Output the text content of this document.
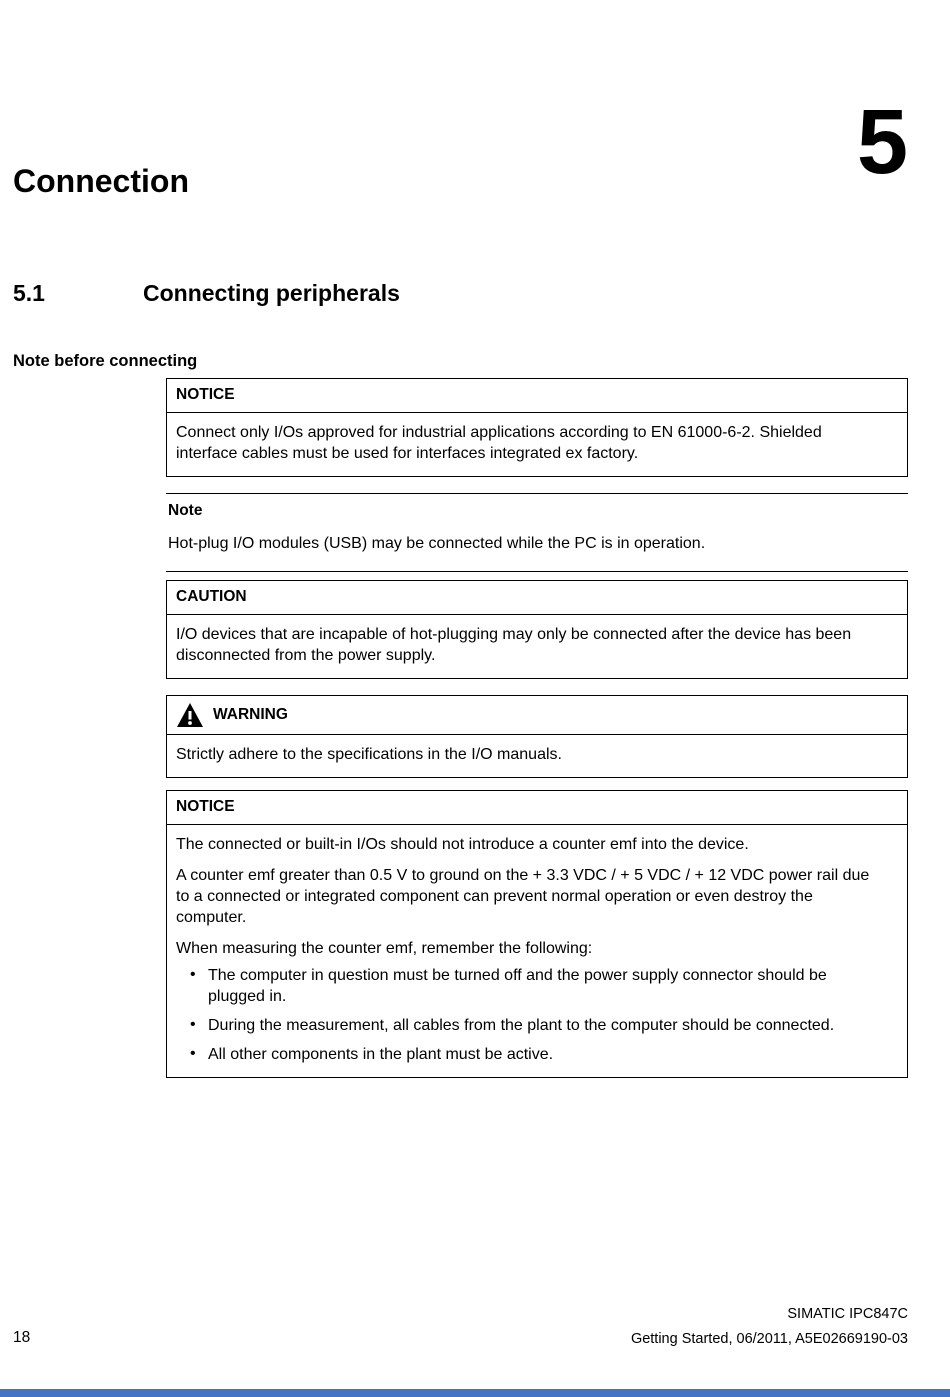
Connection	5
5.1	Connecting peripherals
Note before connecting
NOTICE

Connect only I/Os approved for industrial applications according to EN 61000-6-2. Shielded interface cables must be used for interfaces integrated ex factory.

Note

Hot-plug I/O modules (USB) may be connected while the PC is in operation.

CAUTION

I/O devices that are incapable of hot-plugging may only be connected after the device has been disconnected from the power supply.

WARNING

Strictly adhere to the specifications in the I/O manuals.

NOTICE

The connected or built-in I/Os should not introduce a counter emf into the device.

A counter emf greater than 0.5 V to ground on the + 3.3 VDC / + 5 VDC / + 12 VDC power rail due to a connected or integrated component can prevent normal operation or even destroy the computer.

When measuring the counter emf, remember the following:

• The computer in question must be turned off and the power supply connector should be plugged in.
• During the measurement, all cables from the plant to the computer should be connected.
• All other components in the plant must be active.
SIMATIC IPC847C
Getting Started, 06/2011, A5E02669190-03
18
